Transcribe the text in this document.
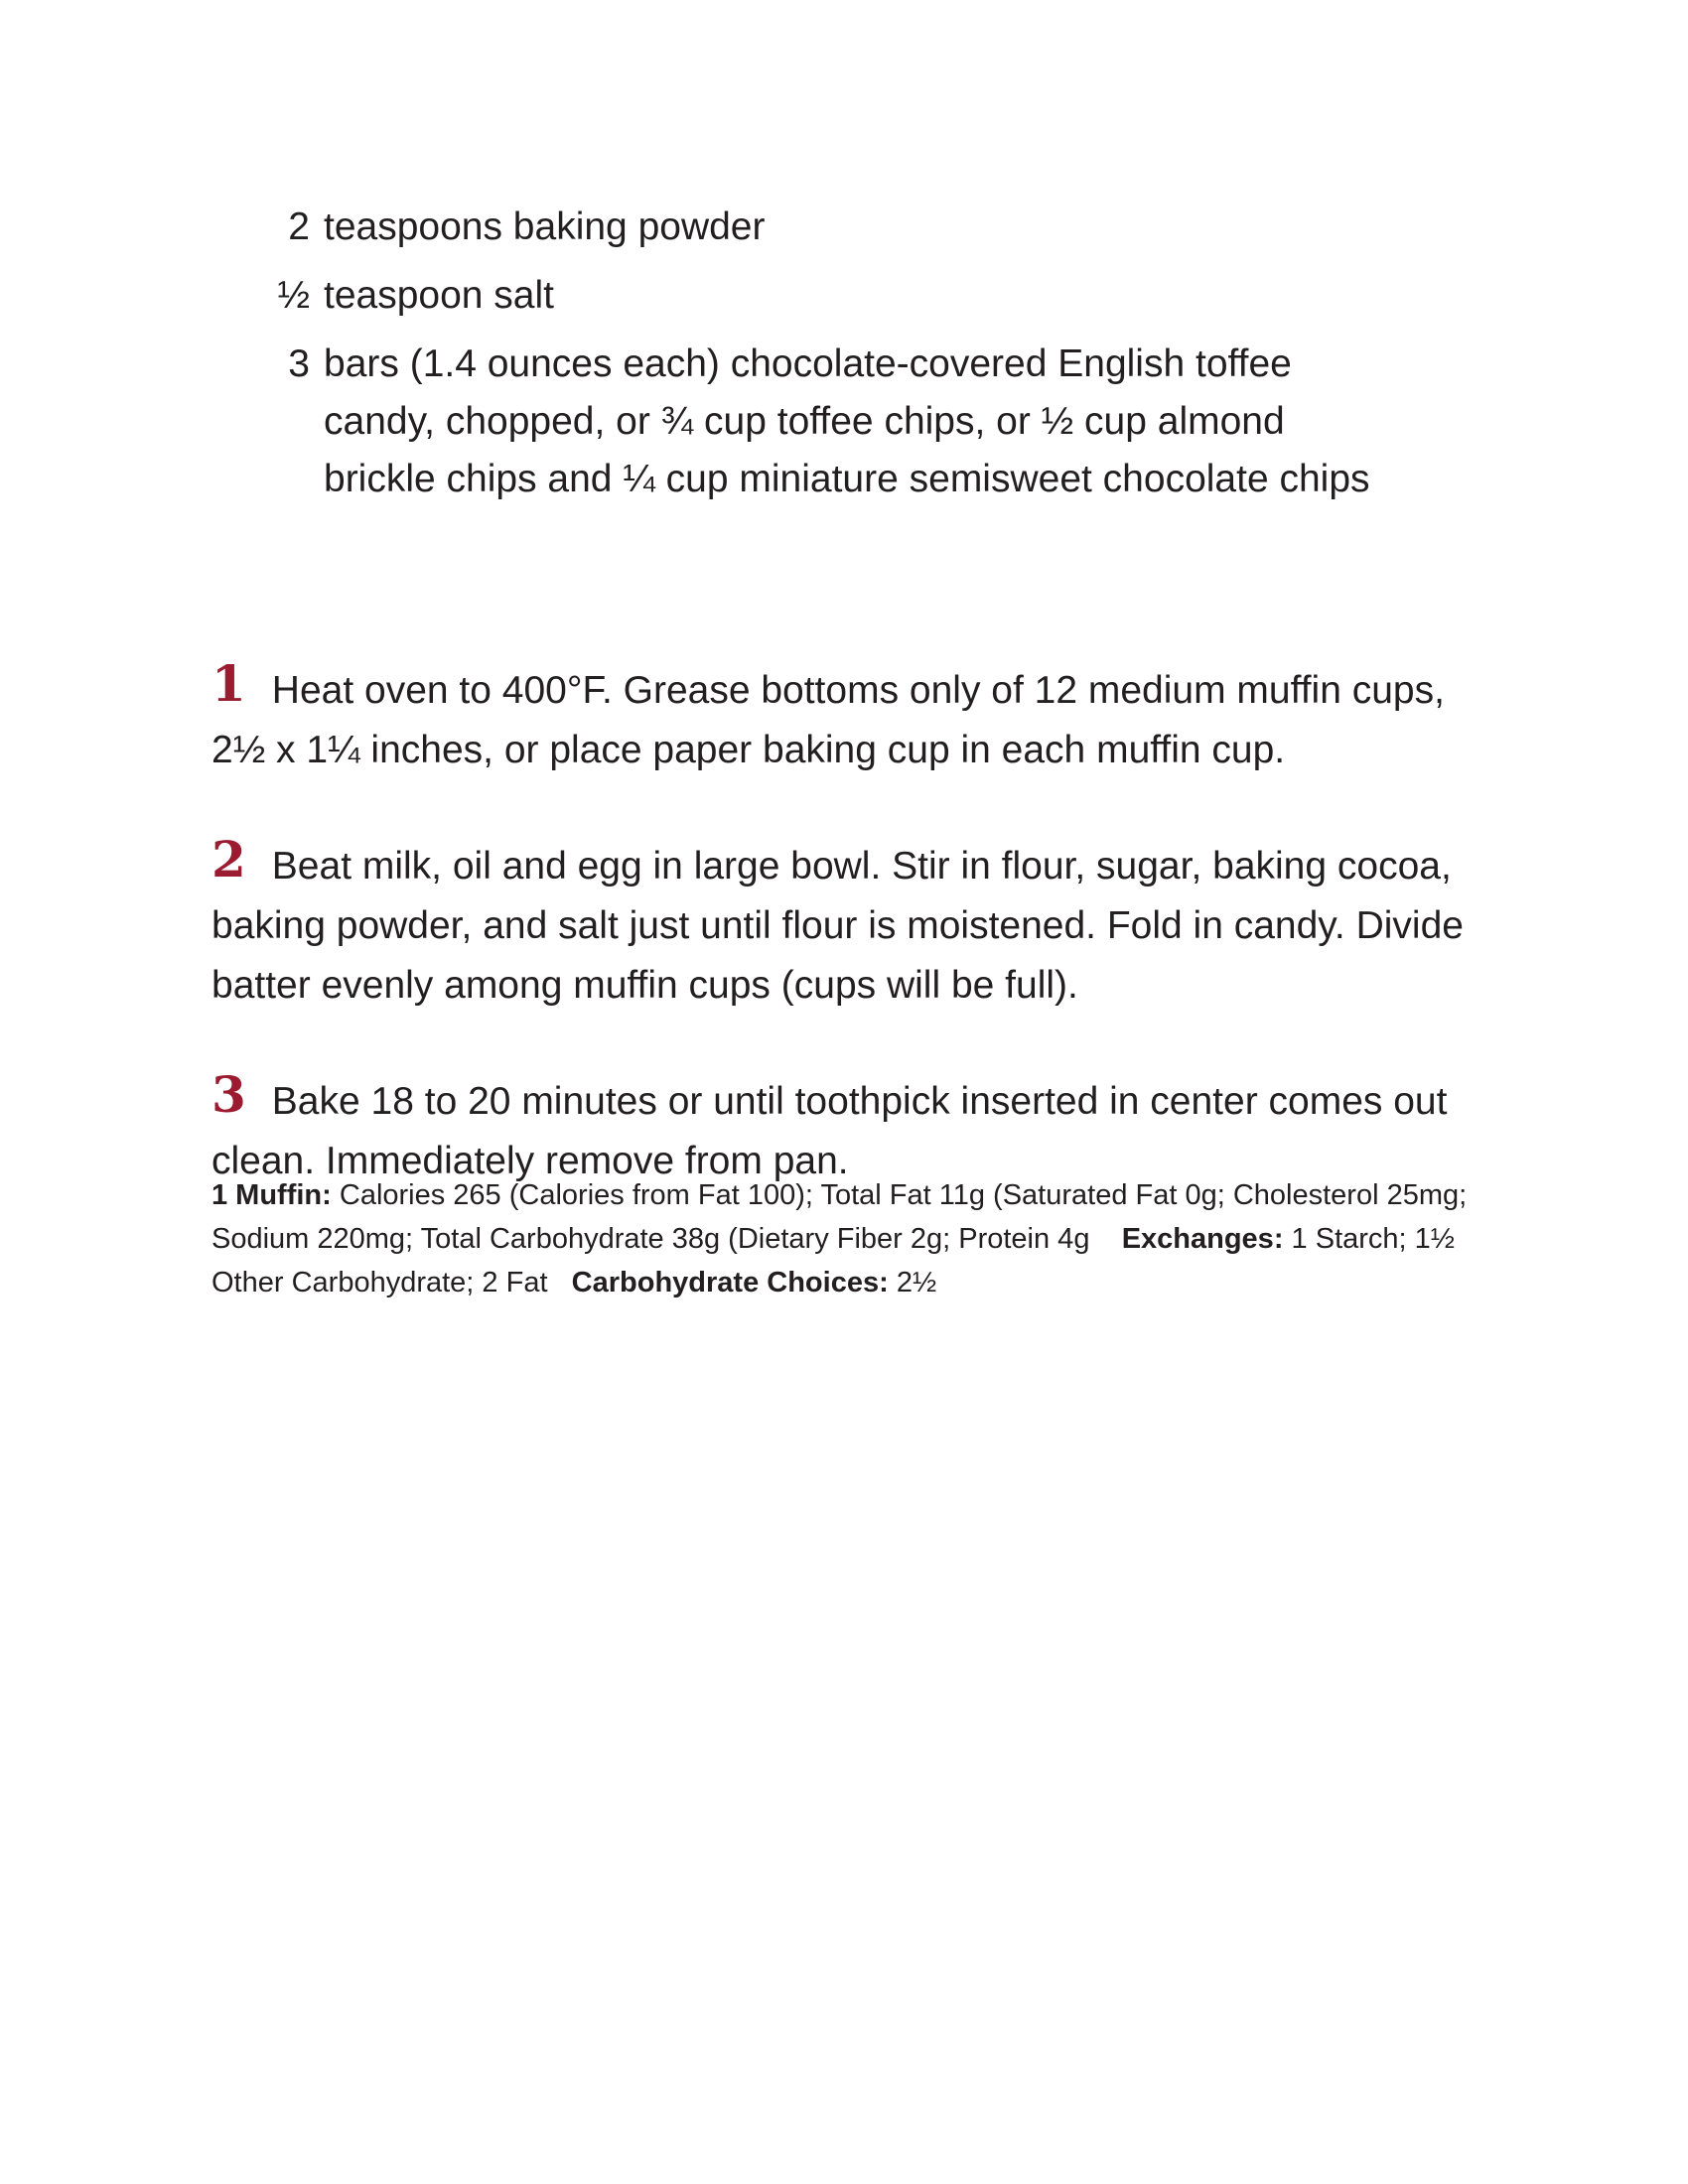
2 teaspoons baking powder
½ teaspoon salt
3 bars (1.4 ounces each) chocolate-covered English toffee candy, chopped, or ¾ cup toffee chips, or ½ cup almond brickle chips and ¼ cup miniature semisweet chocolate chips

1 Heat oven to 400°F. Grease bottoms only of 12 medium muffin cups, 2½ x 1¼ inches, or place paper baking cup in each muffin cup.

2 Beat milk, oil and egg in large bowl. Stir in flour, sugar, baking cocoa, baking powder, and salt just until flour is moistened. Fold in candy. Divide batter evenly among muffin cups (cups will be full).

3 Bake 18 to 20 minutes or until toothpick inserted in center comes out clean. Immediately remove from pan.

1 Muffin: Calories 265 (Calories from Fat 100); Total Fat 11g (Saturated Fat 0g; Cholesterol 25mg; Sodium 220mg; Total Carbohydrate 38g (Dietary Fiber 2g; Protein 4g Exchanges: 1 Starch; 1½ Other Carbohydrate; 2 Fat Carbohydrate Choices: 2½
